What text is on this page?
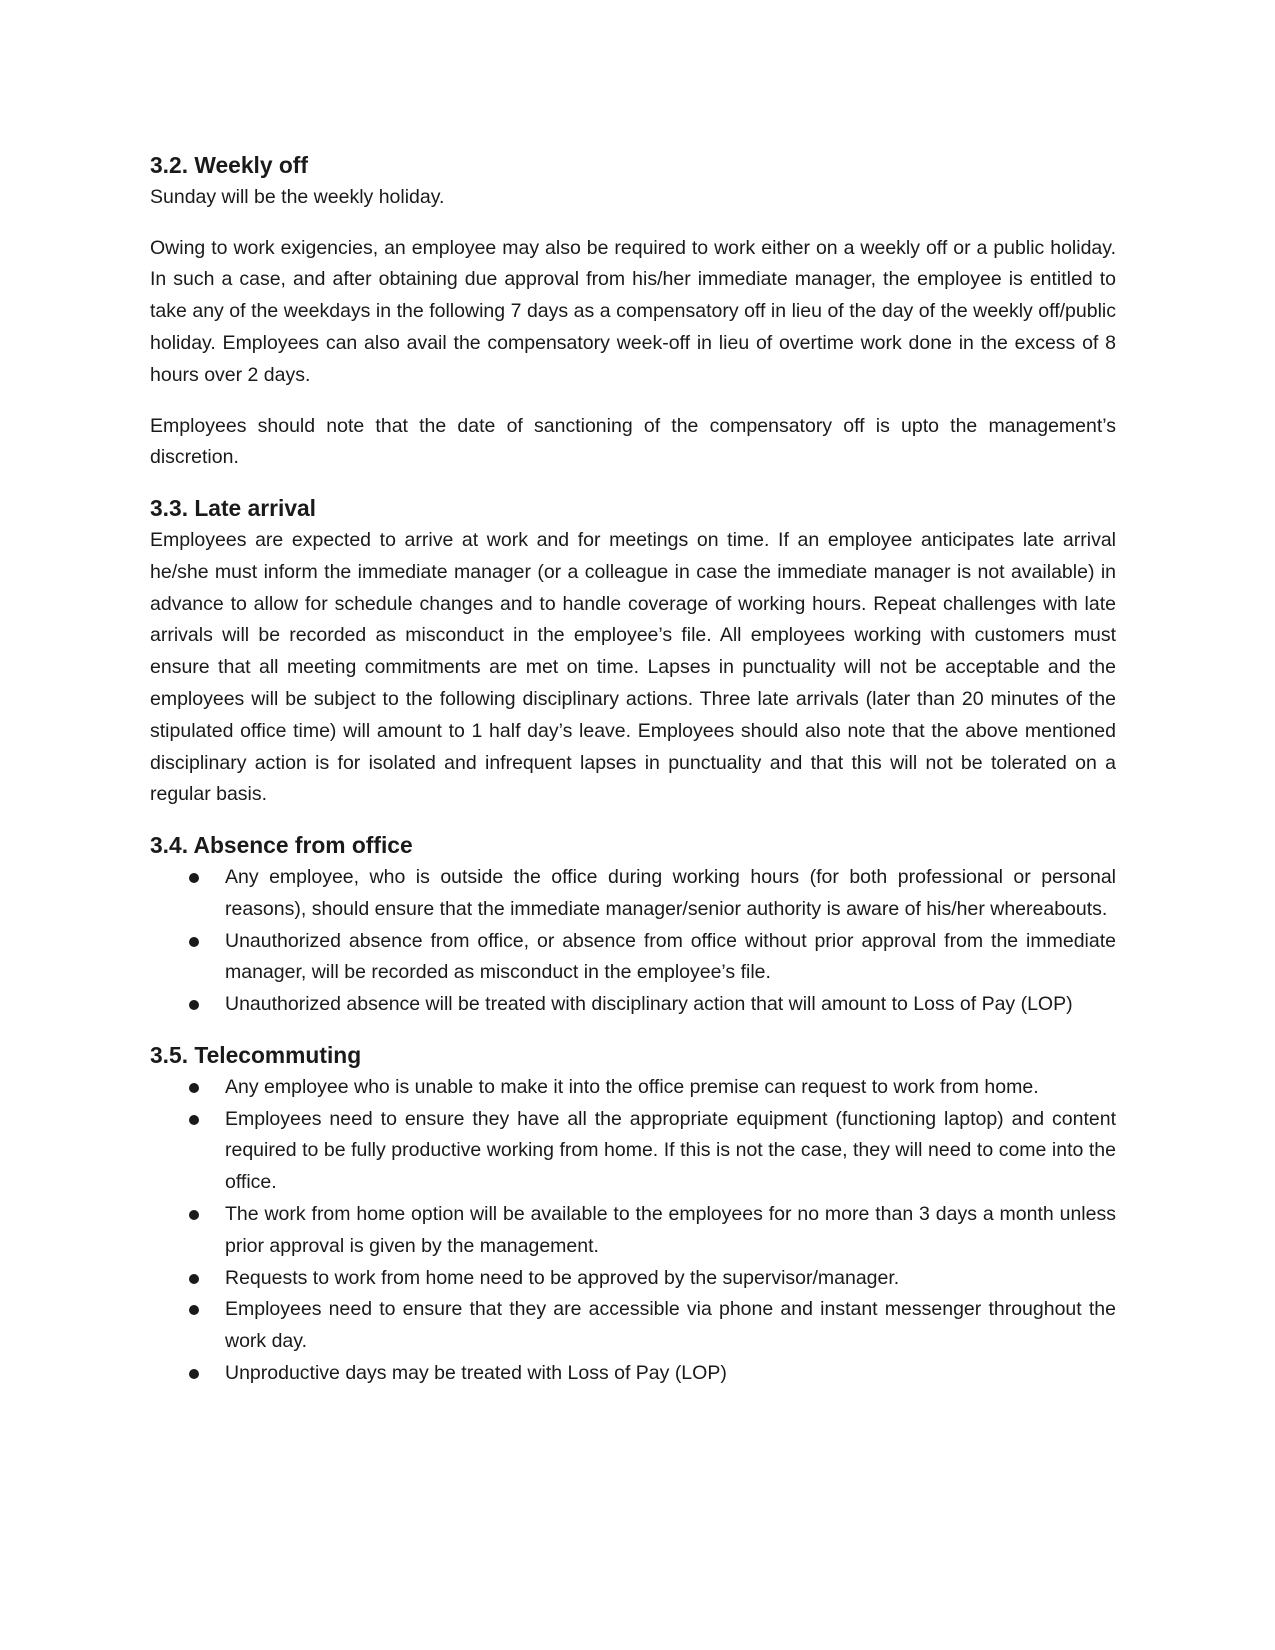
3.2. Weekly off

Sunday will be the weekly holiday.

Owing to work exigencies, an employee may also be required to work either on a weekly off or a public holiday. In such a case, and after obtaining due approval from his/her immediate manager, the employee is entitled to take any of the weekdays in the following 7 days as a compensatory off in lieu of the day of the weekly off/public holiday. Employees can also avail the compensatory week-off in lieu of overtime work done in the excess of 8 hours over 2 days.

Employees should note that the date of sanctioning of the compensatory off is upto the management’s discretion.

3.3. Late arrival

Employees are expected to arrive at work and for meetings on time. If an employee anticipates late arrival he/she must inform the immediate manager (or a colleague in case the immediate manager is not available) in advance to allow for schedule changes and to handle coverage of working hours. Repeat challenges with late arrivals will be recorded as misconduct in the employee’s file. All employees working with customers must ensure that all meeting commitments are met on time. Lapses in punctuality will not be acceptable and the employees will be subject to the following disciplinary actions. Three late arrivals (later than 20 minutes of the stipulated office time) will amount to 1 half day’s leave. Employees should also note that the above mentioned disciplinary action is for isolated and infrequent lapses in punctuality and that this will not be tolerated on a regular basis.

3.4. Absence from office
Any employee, who is outside the office during working hours (for both professional or personal reasons), should ensure that the immediate manager/senior authority is aware of his/her whereabouts.
Unauthorized absence from office, or absence from office without prior approval from the immediate manager, will be recorded as misconduct in the employee’s file.
Unauthorized absence will be treated with disciplinary action that will amount to Loss of Pay (LOP)
3.5. Telecommuting
Any employee who is unable to make it into the office premise can request to work from home.
Employees need to ensure they have all the appropriate equipment (functioning laptop) and content required to be fully productive working from home. If this is not the case, they will need to come into the office.
The work from home option will be available to the employees for no more than 3 days a month unless prior approval is given by the management.
Requests to work from home need to be approved by the supervisor/manager.
Employees need to ensure that they are accessible via phone and instant messenger throughout the work day.
Unproductive days may be treated with Loss of Pay (LOP)
